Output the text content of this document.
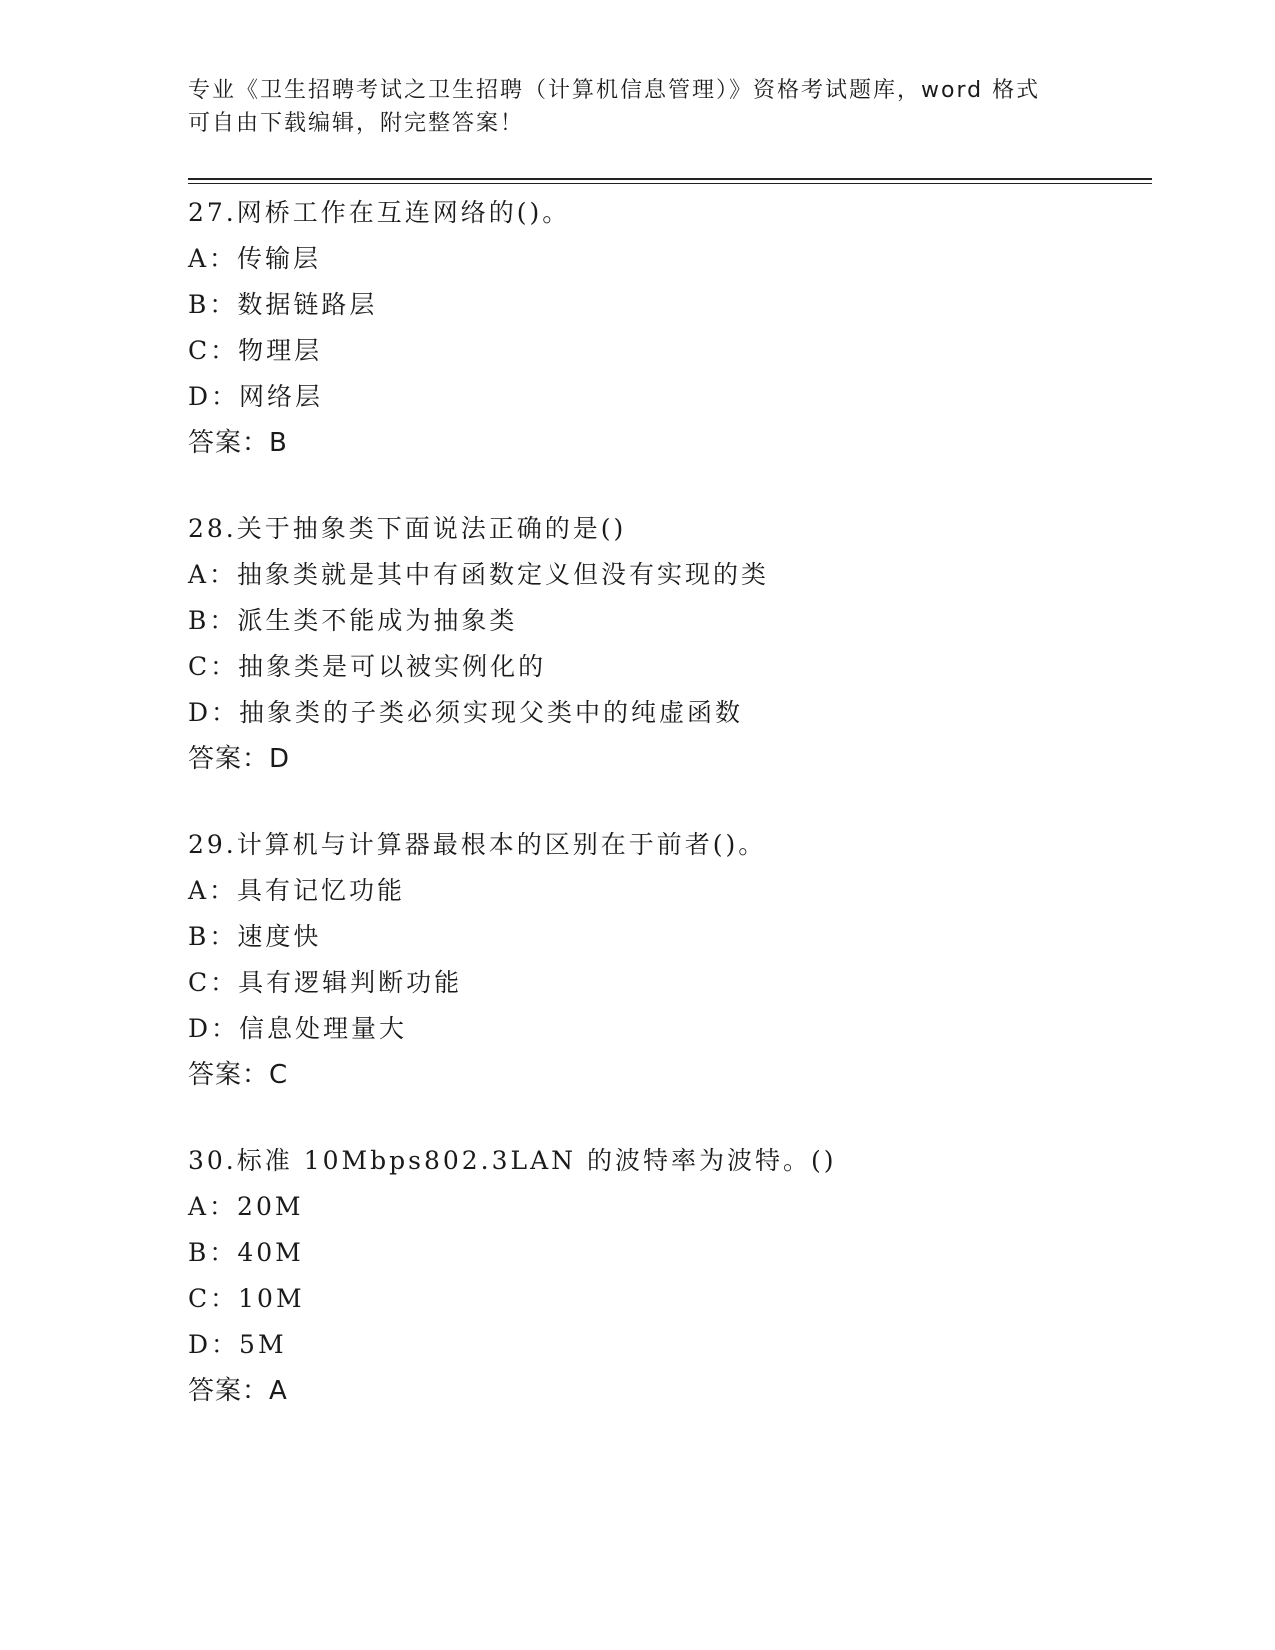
专业《卫生招聘考试之卫生招聘（计算机信息管理）》资格考试题库，word 格式
可自由下载编辑，附完整答案！
27.网桥工作在互连网络的()。
A：传输层
B：数据链路层
C：物理层
D：网络层
答案：B
28.关于抽象类下面说法正确的是()
A：抽象类就是其中有函数定义但没有实现的类
B：派生类不能成为抽象类
C：抽象类是可以被实例化的
D：抽象类的子类必须实现父类中的纯虚函数
答案：D
29.计算机与计算器最根本的区别在于前者()。
A：具有记忆功能
B：速度快
C：具有逻辑判断功能
D：信息处理量大
答案：C
30.标准 10Mbps802.3LAN 的波特率为波特。()
A：20M
B：40M
C：10M
D：5M
答案：A
